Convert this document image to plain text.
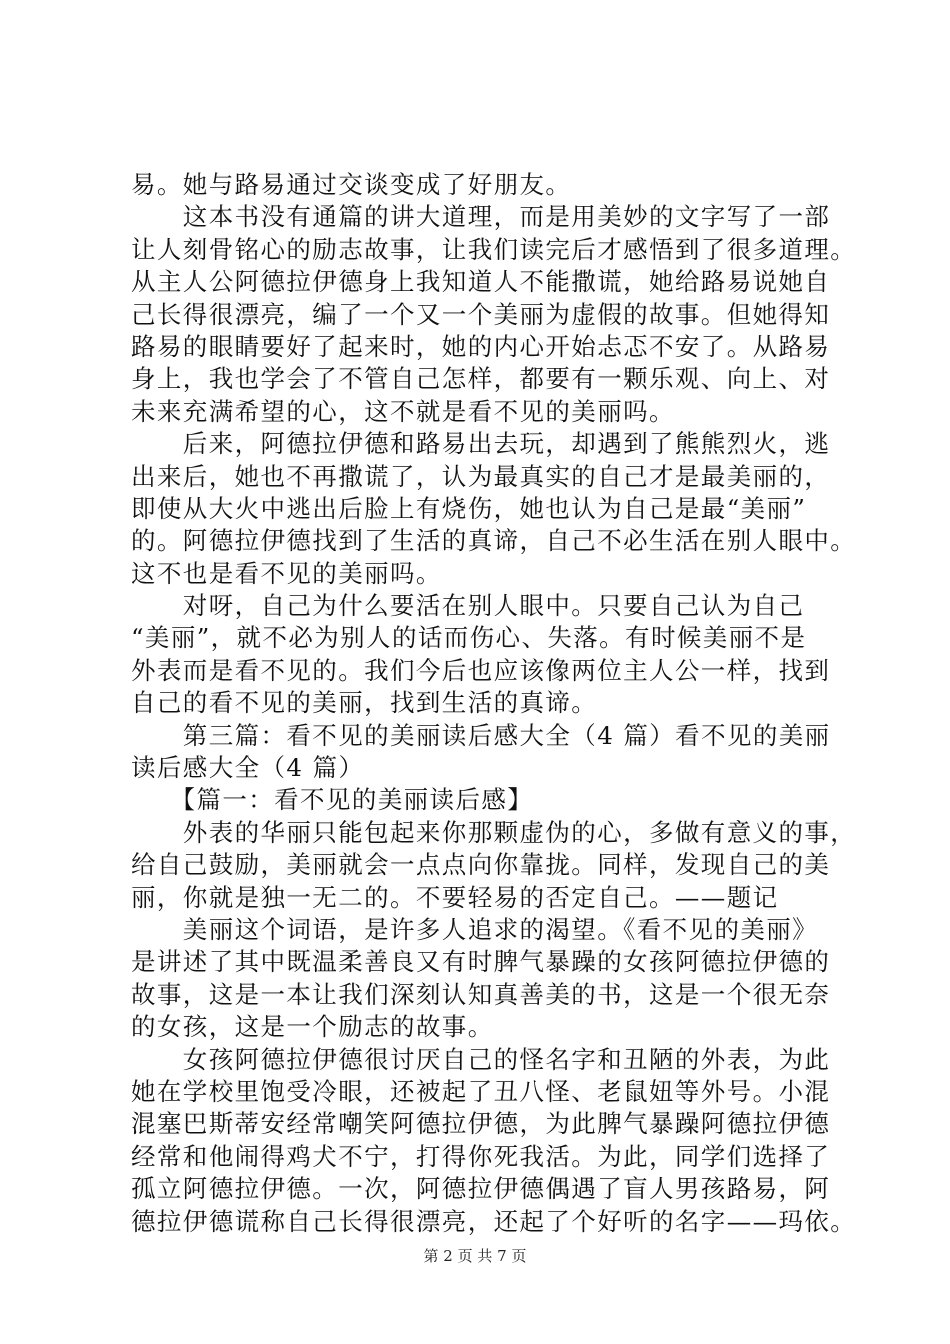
易。她与路易通过交谈变成了好朋友。
　　这本书没有通篇的讲大道理，而是用美妙的文字写了一部
让人刻骨铭心的励志故事，让我们读完后才感悟到了很多道理。
从主人公阿德拉伊德身上我知道人不能撒谎，她给路易说她自
己长得很漂亮，编了一个又一个美丽为虚假的故事。但她得知
路易的眼睛要好了起来时，她的内心开始忐忑不安了。从路易
身上，我也学会了不管自己怎样，都要有一颗乐观、向上、对
未来充满希望的心，这不就是看不见的美丽吗。
　　后来，阿德拉伊德和路易出去玩，却遇到了熊熊烈火，逃
出来后，她也不再撒谎了，认为最真实的自己才是最美丽的，
即使从大火中逃出后脸上有烧伤，她也认为自己是最“美丽”
的。阿德拉伊德找到了生活的真谛，自己不必生活在别人眼中。
这不也是看不见的美丽吗。
　　对呀，自己为什么要活在别人眼中。只要自己认为自己
“美丽”，就不必为别人的话而伤心、失落。有时候美丽不是
外表而是看不见的。我们今后也应该像两位主人公一样，找到
自己的看不见的美丽，找到生活的真谛。
　　第三篇：看不见的美丽读后感大全（4 篇）看不见的美丽
读后感大全（4 篇）
　　【篇一：看不见的美丽读后感】
　　外表的华丽只能包起来你那颗虚伪的心，多做有意义的事，
给自己鼓励，美丽就会一点点向你靠拢。同样，发现自己的美
丽，你就是独一无二的。不要轻易的否定自己。——题记
　　美丽这个词语，是许多人追求的渴望。《看不见的美丽》
是讲述了其中既温柔善良又有时脾气暴躁的女孩阿德拉伊德的
故事，这是一本让我们深刻认知真善美的书，这是一个很无奈
的女孩，这是一个励志的故事。
　　女孩阿德拉伊德很讨厌自己的怪名字和丑陋的外表，为此
她在学校里饱受冷眼，还被起了丑八怪、老鼠妞等外号。小混
混塞巴斯蒂安经常嘲笑阿德拉伊德，为此脾气暴躁阿德拉伊德
经常和他闹得鸡犬不宁，打得你死我活。为此，同学们选择了
孤立阿德拉伊德。一次，阿德拉伊德偶遇了盲人男孩路易，阿
德拉伊德谎称自己长得很漂亮，还起了个好听的名字——玛依。
第 2 页 共 7 页
